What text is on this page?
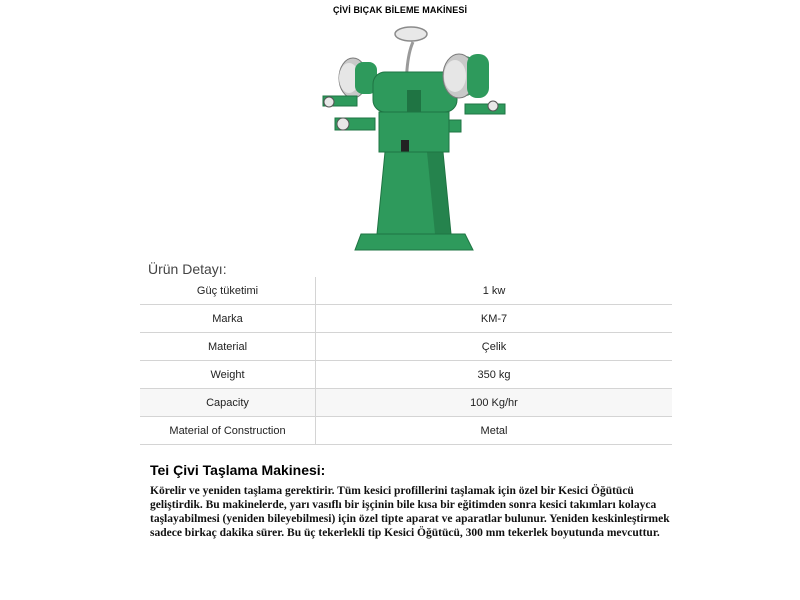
ÇİVİ BIÇAK BİLEME MAKİNESİ
Ürün Detayı:
Güç tüketimi	1 kw
Marka	KM-7
Material	Çelik
Weight	350 kg
Capacity	100 Kg/hr
Material of Construction	Metal
Tei Çivi Taşlama Makinesi:

Körelir ve yeniden taşlama gerektirir. Tüm kesici profillerini taşlamak için özel bir Kesici Öğütücü geliştirdik. Bu makinelerde, yarı vasıflı bir işçinin bile kısa bir eğitimden sonra kesici takımları kolayca taşlayabilmesi (yeniden bileyebilmesi) için özel tipte aparat ve aparatlar bulunur. Yeniden keskinleştirmek sadece birkaç dakika sürer. Bu üç tekerlekli tip Kesici Öğütücü, 300 mm tekerlek boyutunda mevcuttur.
